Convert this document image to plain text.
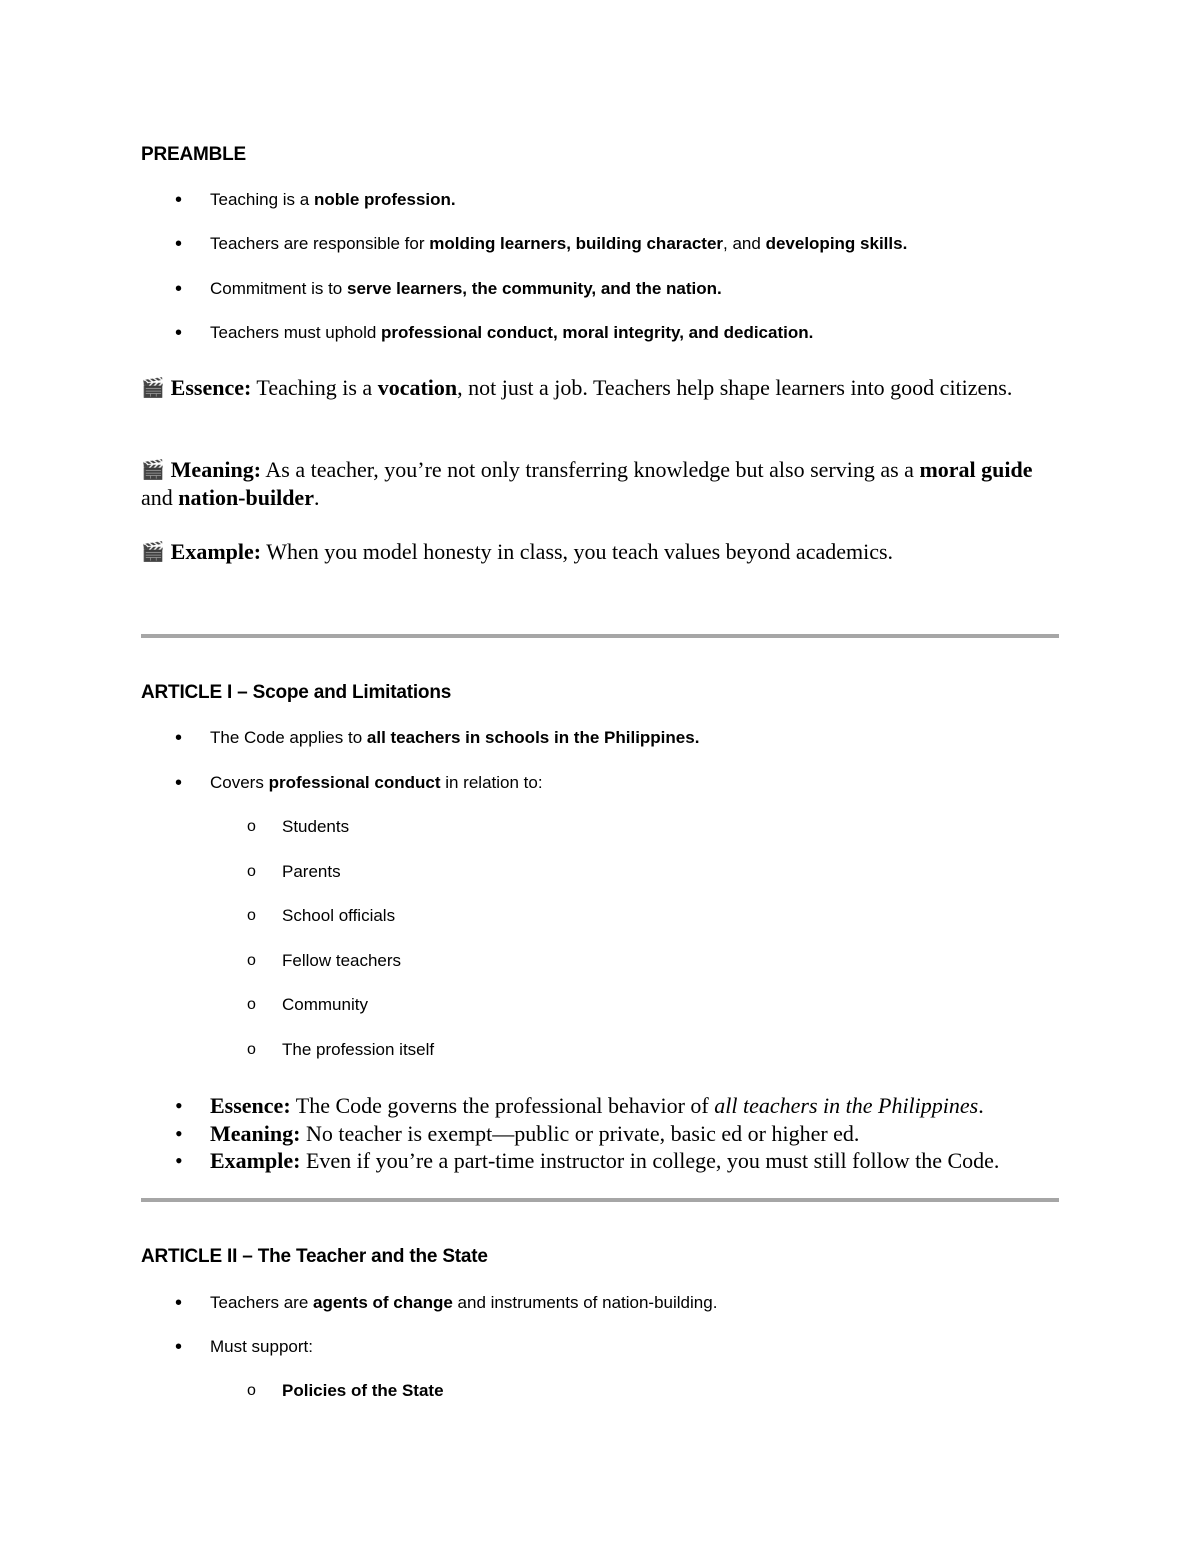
PREAMBLE
• Teaching is a noble profession.
• Teachers are responsible for molding learners, building character, and developing skills.
• Commitment is to serve learners, the community, and the nation.
• Teachers must uphold professional conduct, moral integrity, and dedication.
🎬 Essence: Teaching is a vocation, not just a job. Teachers help shape learners into good citizens.
🎬 Meaning: As a teacher, you’re not only transferring knowledge but also serving as a moral guide and nation-builder.
🎬 Example: When you model honesty in class, you teach values beyond academics.
ARTICLE I – Scope and Limitations
• The Code applies to all teachers in schools in the Philippines.
• Covers professional conduct in relation to:
o Students
o Parents
o School officials
o Fellow teachers
o Community
o The profession itself
• Essence: The Code governs the professional behavior of all teachers in the Philippines.
• Meaning: No teacher is exempt—public or private, basic ed or higher ed.
• Example: Even if you’re a part-time instructor in college, you must still follow the Code.
ARTICLE II – The Teacher and the State
• Teachers are agents of change and instruments of nation-building.
• Must support:
o Policies of the State
